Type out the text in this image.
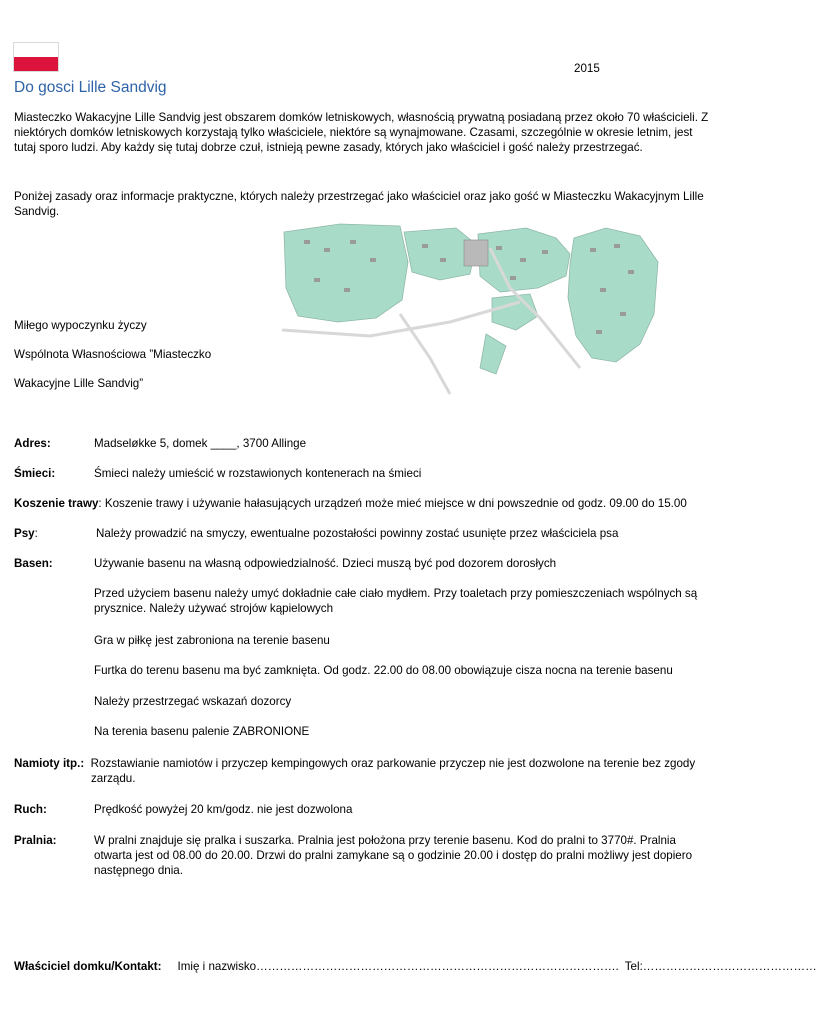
2015
Do gosci Lille Sandvig
Miasteczko Wakacyjne Lille Sandvig jest obszarem domków letniskowych, własnością prywatną posiadaną przez około 70 właścicieli. Z niektórych domków letniskowych korzystają tylko właściciele, niektóre są wynajmowane. Czasami, szczególnie w okresie letnim, jest tutaj sporo ludzi. Aby każdy się tutaj dobrze czuł, istnieją pewne zasady, których jako właściciel i gość należy przestrzegać.
Poniżej zasady oraz informacje praktyczne, których należy przestrzegać jako właściciel oraz jako gość w Miasteczku Wakacyjnym Lille Sandvig.
Miłego wypoczynku życzy
Wspólnota Własnościowa ”Miasteczko
Wakacyjne Lille Sandvig”
Adres:	Madseløkke 5, domek ____, 3700 Allinge
Śmieci:	Śmieci należy umieścić w rozstawionych kontenerach na śmieci
Koszenie trawy: Koszenie trawy i używanie hałasujących urządzeń może mieć miejsce w dni powszednie od godz. 09.00 do 15.00
Psy:	Należy prowadzić na smyczy, ewentualne pozostałości powinny zostać usunięte przez właściciela psa
Basen:	Używanie basenu na własną odpowiedzialność. Dzieci muszą być pod dozorem dorosłych
Przed użyciem basenu należy umyć dokładnie całe ciało mydłem. Przy toaletach przy pomieszczeniach wspólnych są prysznice. Należy używać strojów kąpielowych
Gra w piłkę jest zabroniona na terenie basenu
Furtka do terenu basenu ma być zamknięta. Od godz. 22.00 do 08.00 obowiązuje cisza nocna na terenie basenu
Należy przestrzegać wskazań dozorcy
Na terenia basenu palenie ZABRONIONE
Namioty itp.: Rozstawianie namiotów i przyczep kempingowych oraz parkowanie przyczep nie jest dozwolone na terenie bez zgody
zarządu.
Ruch:	Prędkość powyżej 20 km/godz. nie jest dozwolona
Pralnia:	W pralni znajduje się pralka i suszarka. Pralnia jest położona przy terenie basenu. Kod do pralni to 3770#. Pralnia otwarta jest od 08.00 do 20.00. Drzwi do pralni zamykane są o godzinie 20.00 i dostęp do pralni możliwy jest dopiero następnego dnia.
Właściciel domku/Kontakt: Imię i nazwisko…………………………………………………………………………………. Tel:………………………………………
